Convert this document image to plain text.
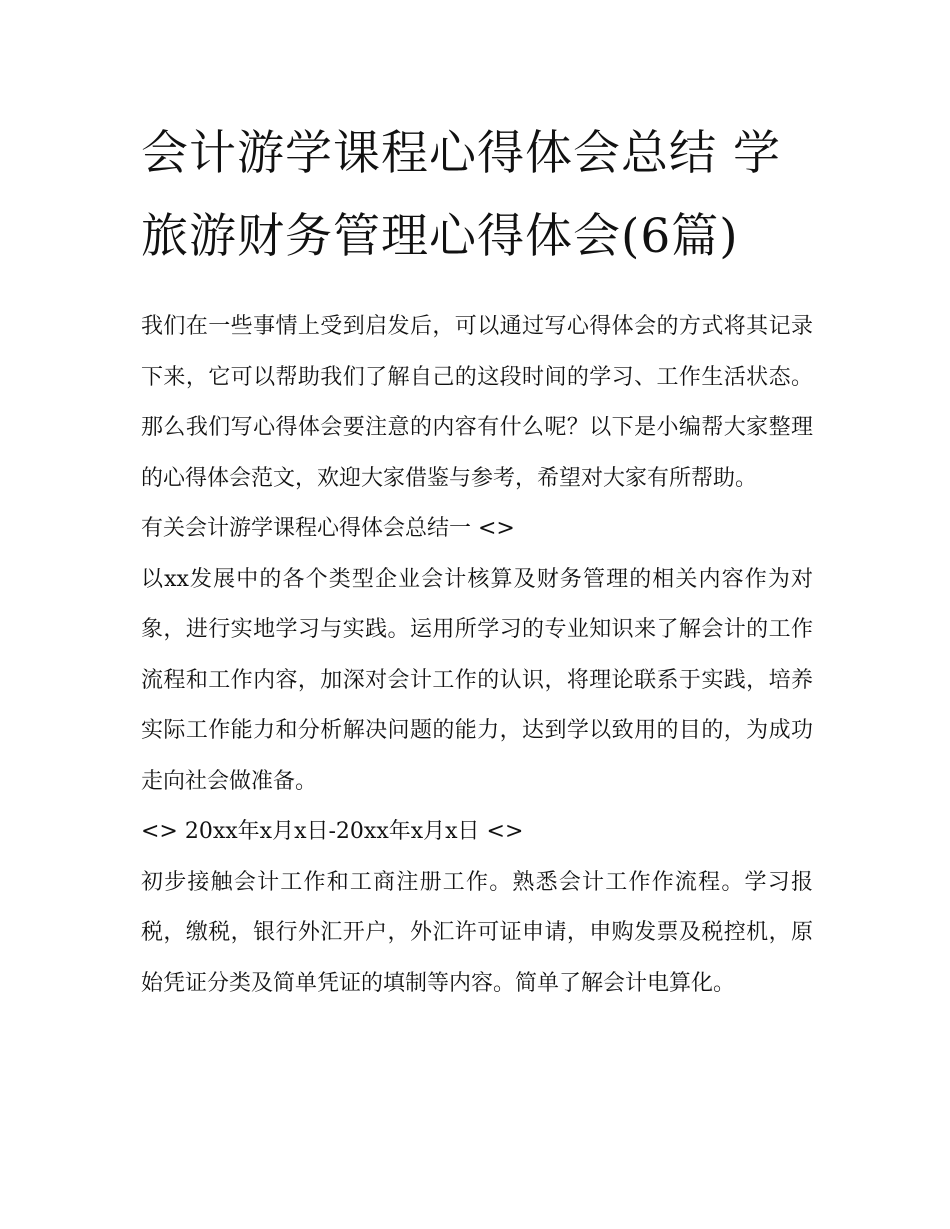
会计游学课程心得体会总结 学旅游财务管理心得体会(6篇)

我们在一些事情上受到启发后，可以通过写心得体会的方式将其记录下来，它可以帮助我们了解自己的这段时间的学习、工作生活状态。那么我们写心得体会要注意的内容有什么呢？以下是小编帮大家整理的心得体会范文，欢迎大家借鉴与参考，希望对大家有所帮助。

有关会计游学课程心得体会总结一 <>

以xx发展中的各个类型企业会计核算及财务管理的相关内容作为对象，进行实地学习与实践。运用所学习的专业知识来了解会计的工作流程和工作内容，加深对会计工作的认识，将理论联系于实践，培养实际工作能力和分析解决问题的能力，达到学以致用的目的，为成功走向社会做准备。

<> 20xx年x月x日-20xx年x月x日 <>

初步接触会计工作和工商注册工作。熟悉会计工作作流程。学习报税，缴税，银行外汇开户，外汇许可证申请，申购发票及税控机，原始凭证分类及简单凭证的填制等内容。简单了解会计电算化。
